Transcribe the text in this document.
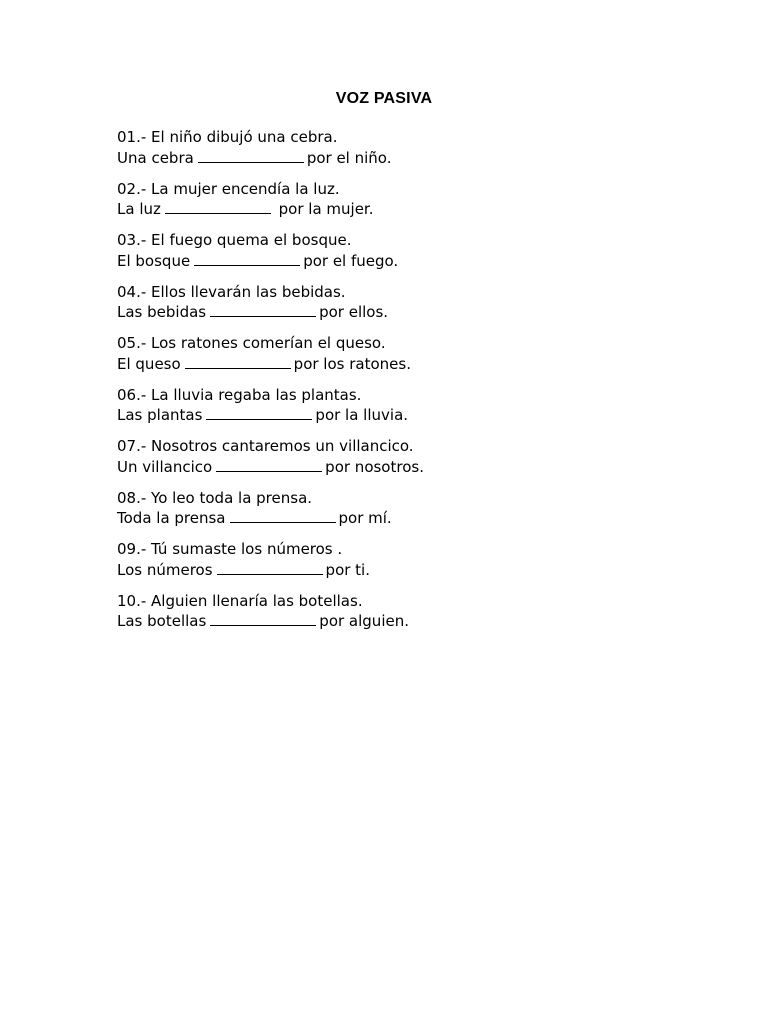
VOZ PASIVA
01.- El niño dibujó una cebra.
Una cebra	por el niño.
02.- La mujer encendía la luz.
La luz	por la mujer.
03.- El fuego quema el bosque.
El bosque	por el fuego.
04.- Ellos llevarán las bebidas.
Las bebidas	por ellos.
05.- Los ratones comerían el queso.
El queso	por los ratones.
06.- La lluvia regaba las plantas.
Las plantas	por la lluvia.
07.- Nosotros cantaremos un villancico.
Un villancico	por nosotros.
08.- Yo leo toda la prensa.
Toda la prensa	por mí.
09.- Tú sumaste los números .
Los números	por ti.
10.- Alguien llenaría las botellas.
Las botellas	por alguien.
